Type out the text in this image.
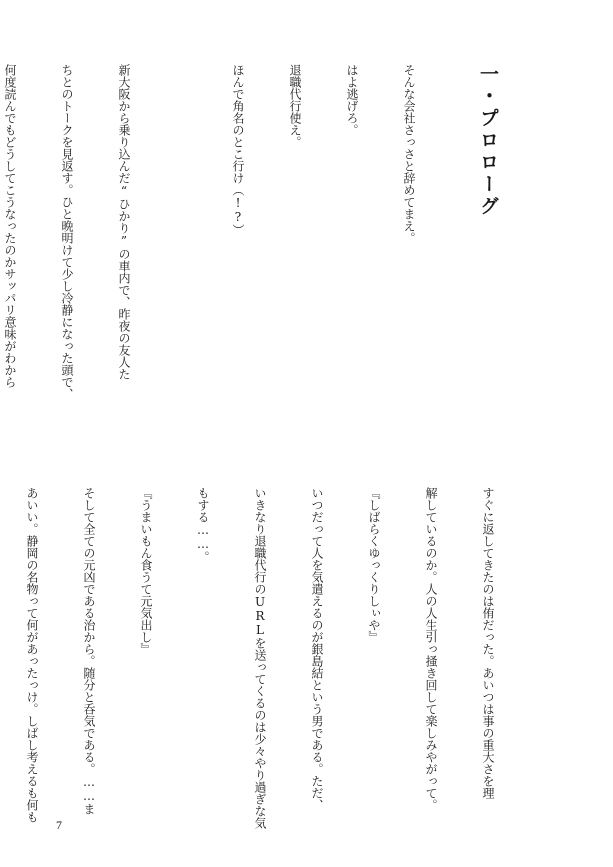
一・プロローグ

そんな会社さっさと辞めてまえ。

はよ逃げろ。

退職代行使え。

ほんで角名のとこ行け（!?）

新大阪から乗り込んだ“ひかり”の車内で、昨夜の友人た

ちとのトークを見返す。ひと晩明けて少し冷静になった頭で、

何度読んでもどうしてこうなったのかサッパリ意味がわから

すぐに返してきたのは侑だった。あいつは事の重大さを理

解しているのか。人の人生引っ掻き回して楽しみやがって。

『しばらくゆっくりしぃや』

いつだって人を気遣えるのが銀島結という男である。ただ、

いきなり退職代行のURLを送ってくるのは少々やり過ぎな気

もする……。

『うまいもん食うて元気出し』

そして全ての元凶である治から。随分と呑気である。……ま

あいい。静岡の名物って何があったっけ。しばし考えるも何も

7
